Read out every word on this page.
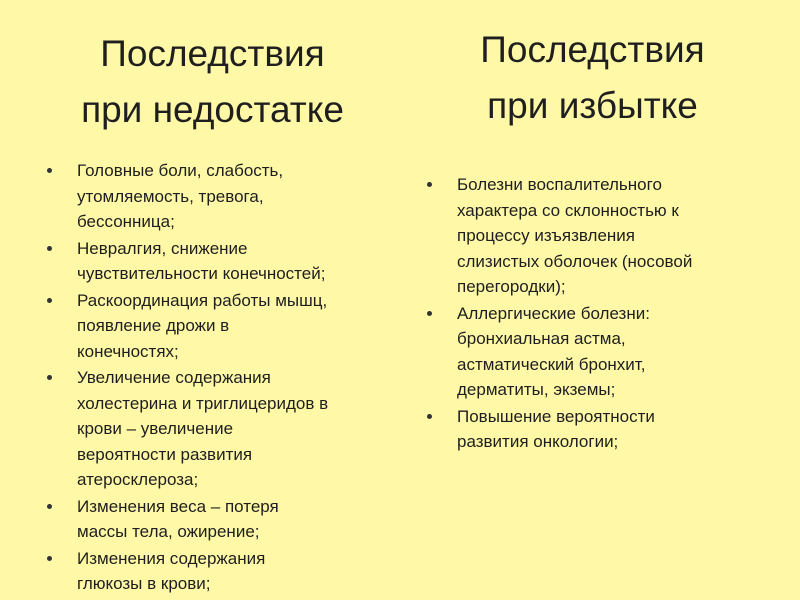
Последствия
при недостатке
Головные боли, слабость,
утомляемость, тревога,
бессонница;
Невралгия, снижение
чувствительности конечностей;
Раскоординация работы мышц,
появление дрожи в
конечностях;
Увеличение содержания
холестерина и триглицеридов в
крови – увеличение
вероятности развития
атеросклероза;
Изменения веса – потеря
массы тела, ожирение;
Изменения содержания
глюкозы в крови;
Последствия
при избытке
Болезни воспалительного
характера со склонностью к
процессу изъязвления
слизистых оболочек (носовой
перегородки);
Аллергические болезни:
бронхиальная астма,
астматический бронхит,
дерматиты, экземы;
Повышение вероятности
развития онкологии;
